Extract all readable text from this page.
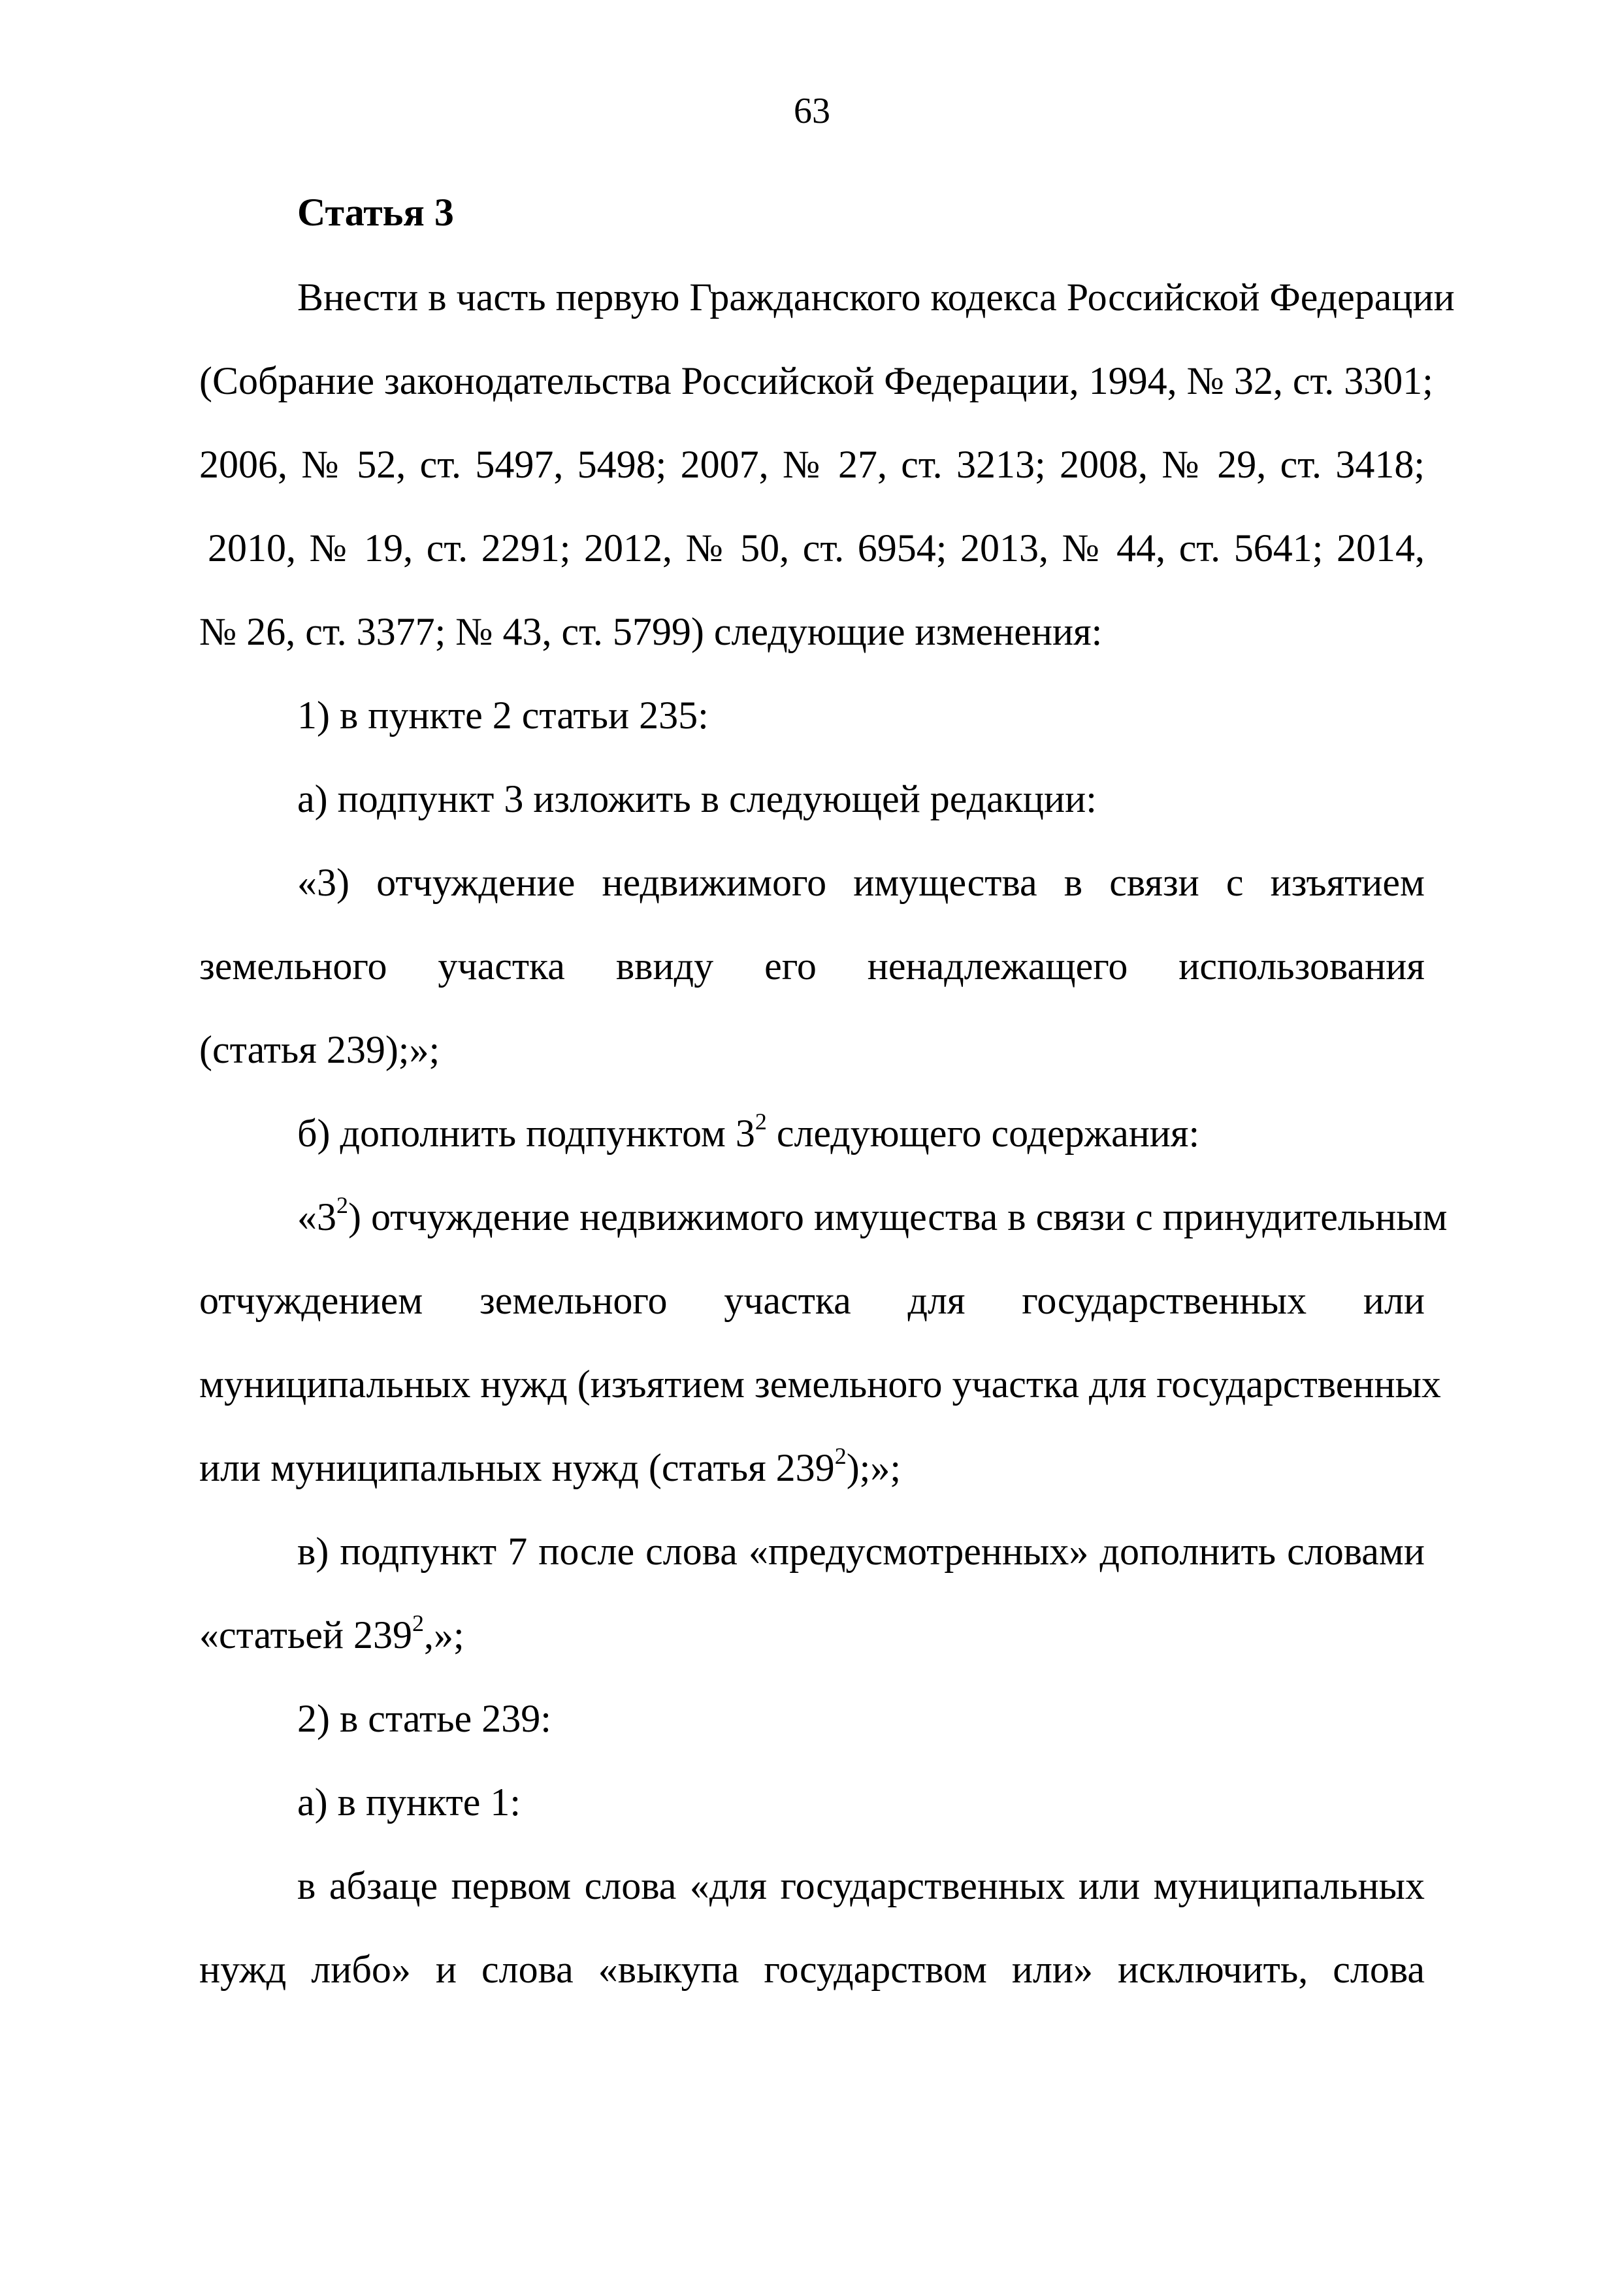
63
Статья 3
Внести в часть первую Гражданского кодекса Российской Федерации
(Собрание законодательства Российской Федерации, 1994, № 32, ст. 3301;
2006, № 52, ст. 5497, 5498; 2007, № 27, ст. 3213; 2008, № 29, ст. 3418;
2010, № 19, ст. 2291; 2012, № 50, ст. 6954; 2013, № 44, ст. 5641; 2014,
№ 26, ст. 3377; № 43, ст. 5799) следующие изменения:
1) в пункте 2 статьи 235:
а) подпункт 3 изложить в следующей редакции:
«3) отчуждение недвижимого имущества в связи с изъятием
земельного участка ввиду его ненадлежащего использования
(статья 239);»;
б) дополнить подпунктом $3^2$ следующего содержания:
«$3^2$) отчуждение недвижимого имущества в связи с принудительным
отчуждением земельного участка для государственных или
муниципальных нужд (изъятием земельного участка для государственных
или муниципальных нужд (статья $239^2$);»;
в) подпункт 7 после слова «предусмотренных» дополнить словами
«статьей $239^2$,»;
2) в статье 239:
а) в пункте 1:
в абзаце первом слова «для государственных или муниципальных
нужд либо» и слова «выкупа государством или» исключить, слова
